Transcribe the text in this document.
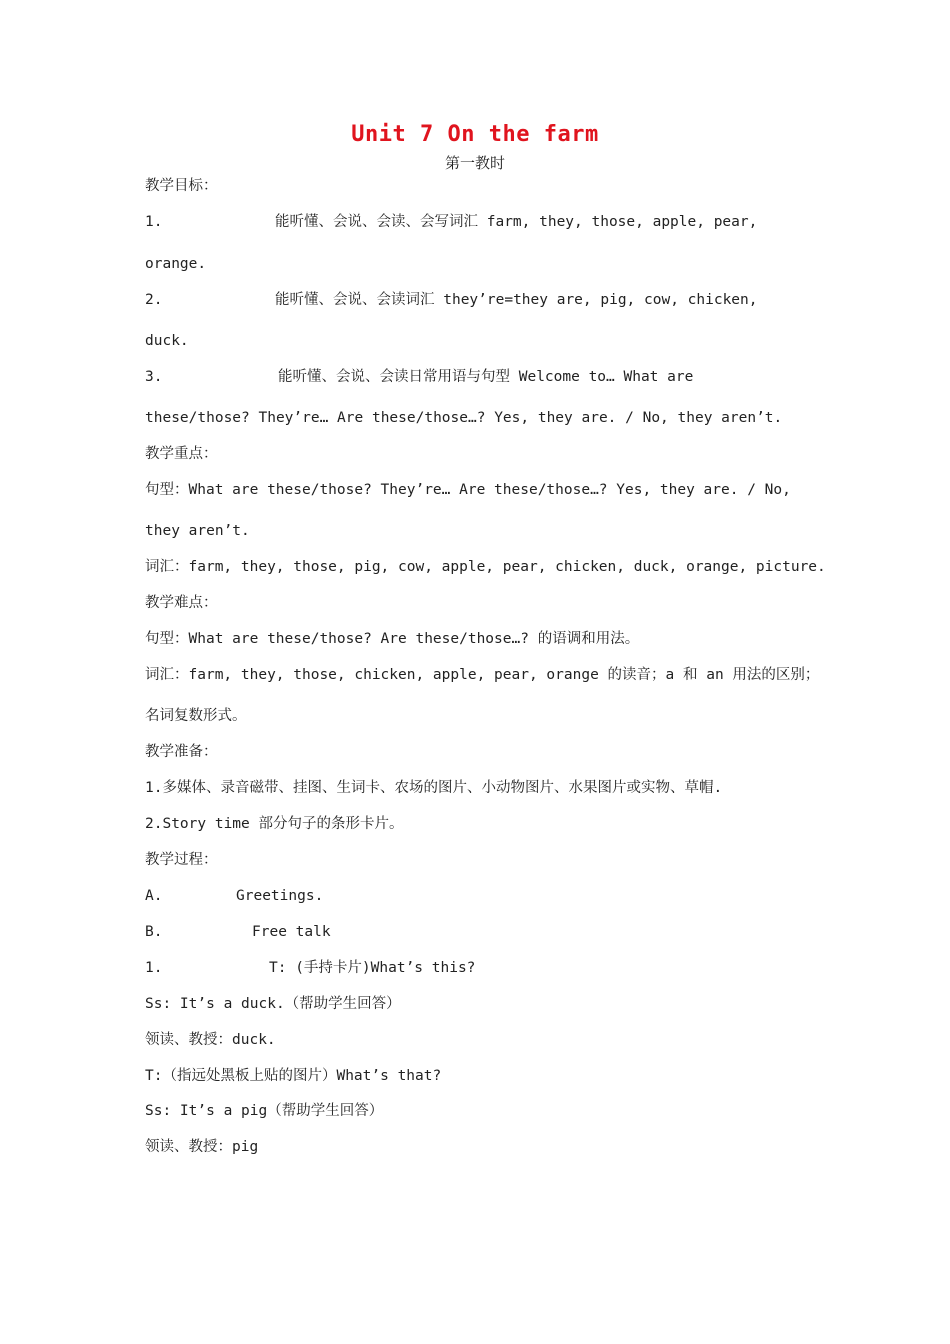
Unit 7 On the farm
第一教时
教学目标：
1.	能听懂、会说、会读、会写词汇 farm, they, those, apple, pear,
orange.
2.	能听懂、会说、会读词汇 they’re=they are, pig, cow, chicken,
duck.
3.	能听懂、会说、会读日常用语与句型 Welcome to… What are
these/those? They’re… Are these/those…? Yes, they are. / No, they aren’t.
教学重点：
句型：What are these/those? They’re… Are these/those…? Yes, they are. / No,
they aren’t.
词汇：farm, they, those, pig, cow, apple, pear, chicken, duck, orange, picture.
教学难点：
句型：What are these/those? Are these/those…? 的语调和用法。
词汇：farm, they, those, chicken, apple, pear, orange 的读音；a 和 an 用法的区别；
名词复数形式。
教学准备：
1.多媒体、录音磁带、挂图、生词卡、农场的图片、小动物图片、水果图片或实物、草帽.
2.Story time 部分句子的条形卡片。
教学过程：
A.	Greetings.
B.	Free talk
1.	T: (手持卡片)What’s this?
Ss: It’s a duck.（帮助学生回答）
领读、教授：duck.
T:（指远处黑板上贴的图片）What’s that?
Ss: It’s a pig（帮助学生回答）
领读、教授：pig
